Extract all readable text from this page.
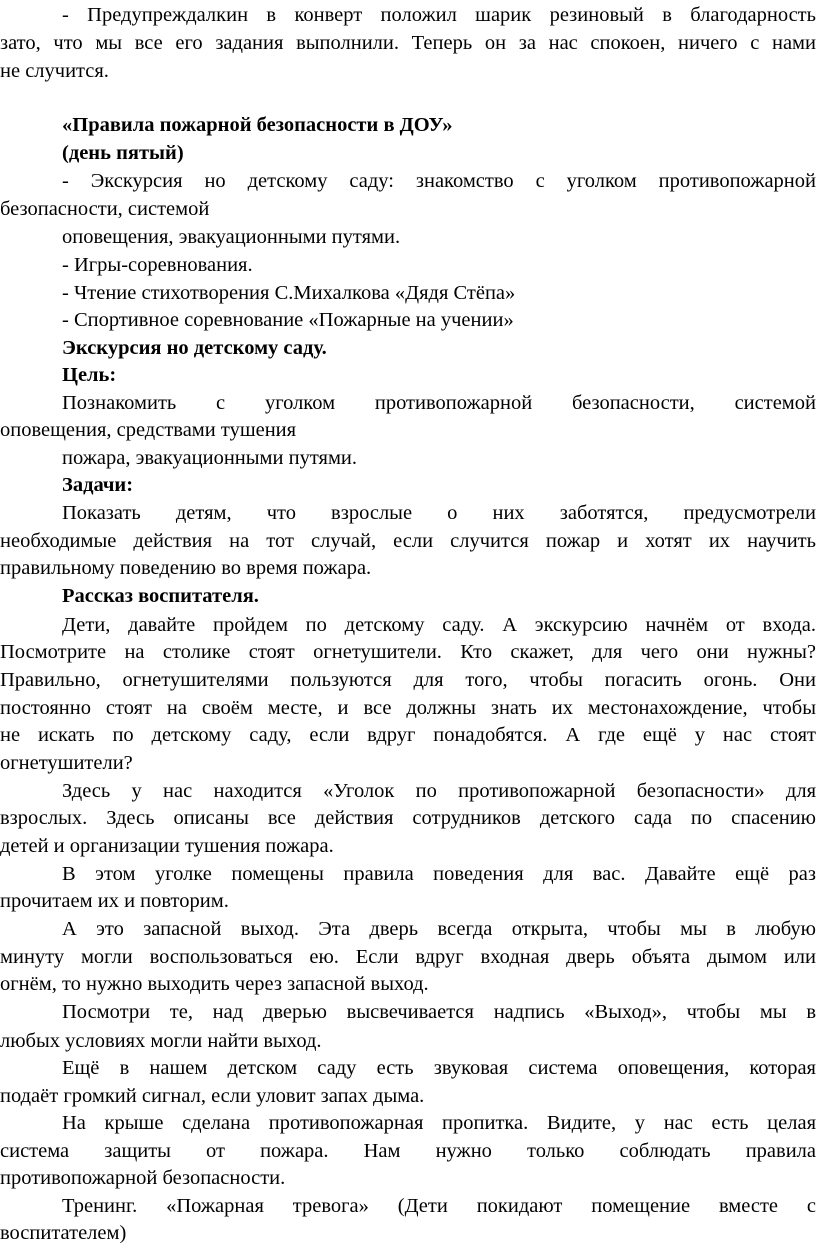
- Предупреждалкин в конверт положил шарик резиновый в благодарность

зато, что мы все его задания выполнили. Теперь он за нас спокоен, ничего с нами

не случится.

«Правила пожарной безопасности в ДОУ»

(день пятый)

- Экскурсия но детскому саду: знакомство с уголком противопожарной

безопасности, системой

оповещения, эвакуационными путями.

- Игры-соревнования.

- Чтение стихотворения С.Михалкова «Дядя Стёпа»

- Спортивное соревнование «Пожарные на учении»

Экскурсия но детскому саду.

Цель:

Познакомить с уголком противопожарной безопасности, системой

оповещения, средствами тушения

пожара, эвакуационными путями.

Задачи:

Показать детям, что взрослые о них заботятся, предусмотрели

необходимые действия на тот случай, если случится пожар и хотят их научить

правильному поведению во время пожара.

Рассказ воспитателя.

Дети, давайте пройдем по детскому саду. А экскурсию начнём от входа.

Посмотрите на столике стоят огнетушители. Кто скажет, для чего они нужны?

Правильно, огнетушителями пользуются для того, чтобы погасить огонь. Они

постоянно стоят на своём месте, и все должны знать их местонахождение, чтобы

не искать по детскому саду, если вдруг понадобятся. А где ещё у нас стоят

огнетушители?

Здесь у нас находится «Уголок по противопожарной безопасности» для

взрослых. Здесь описаны все действия сотрудников детского сада по спасению

детей и организации тушения пожара.

В этом уголке помещены правила поведения для вас. Давайте ещё раз

прочитаем их и повторим.

А это запасной выход. Эта дверь всегда открыта, чтобы мы в любую

минуту могли воспользоваться ею. Если вдруг входная дверь объята дымом или

огнём, то нужно выходить через запасной выход.

Посмотри те, над дверью высвечивается надпись «Выход», чтобы мы в

любых условиях могли найти выход.

Ещё в нашем детском саду есть звуковая система оповещения, которая

подаёт громкий сигнал, если уловит запах дыма.

На крыше сделана противопожарная пропитка. Видите, у нас есть целая

система защиты от пожара. Нам нужно только соблюдать правила

противопожарной безопасности.

Тренинг. «Пожарная тревога» (Дети покидают помещение вместе с

воспитателем)
